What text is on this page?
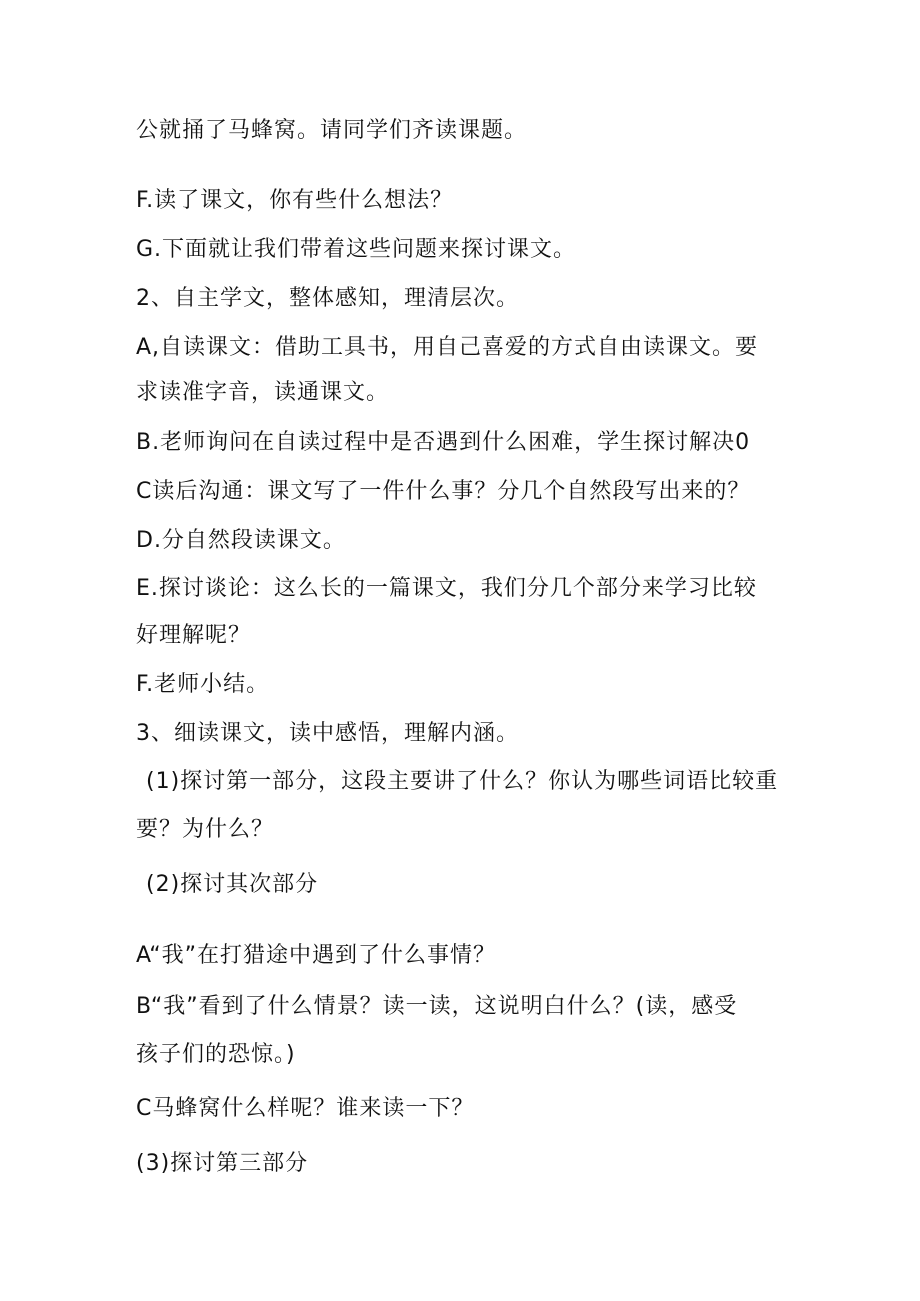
公就捅了马蜂窝。请同学们齐读课题。
F.读了课文，你有些什么想法？
G.下面就让我们带着这些问题来探讨课文。
2、自主学文，整体感知，理清层次。
A,自读课文：借助工具书，用自己喜爱的方式自由读课文。要
求读准字音，读通课文。
B.老师询问在自读过程中是否遇到什么困难，学生探讨解决0
C读后沟通：课文写了一件什么事？分几个自然段写出来的？
D.分自然段读课文。
E.探讨谈论：这么长的一篇课文，我们分几个部分来学习比较
好理解呢？
F.老师小结。
3、细读课文，读中感悟，理解内涵。
(1)探讨第一部分，这段主要讲了什么？你认为哪些词语比较重
要？为什么？
(2)探讨其次部分
A“我”在打猎途中遇到了什么事情？
B“我”看到了什么情景？读一读，这说明白什么？(读，感受
孩子们的恐惊。)
C马蜂窝什么样呢？谁来读一下？
(3)探讨第三部分
